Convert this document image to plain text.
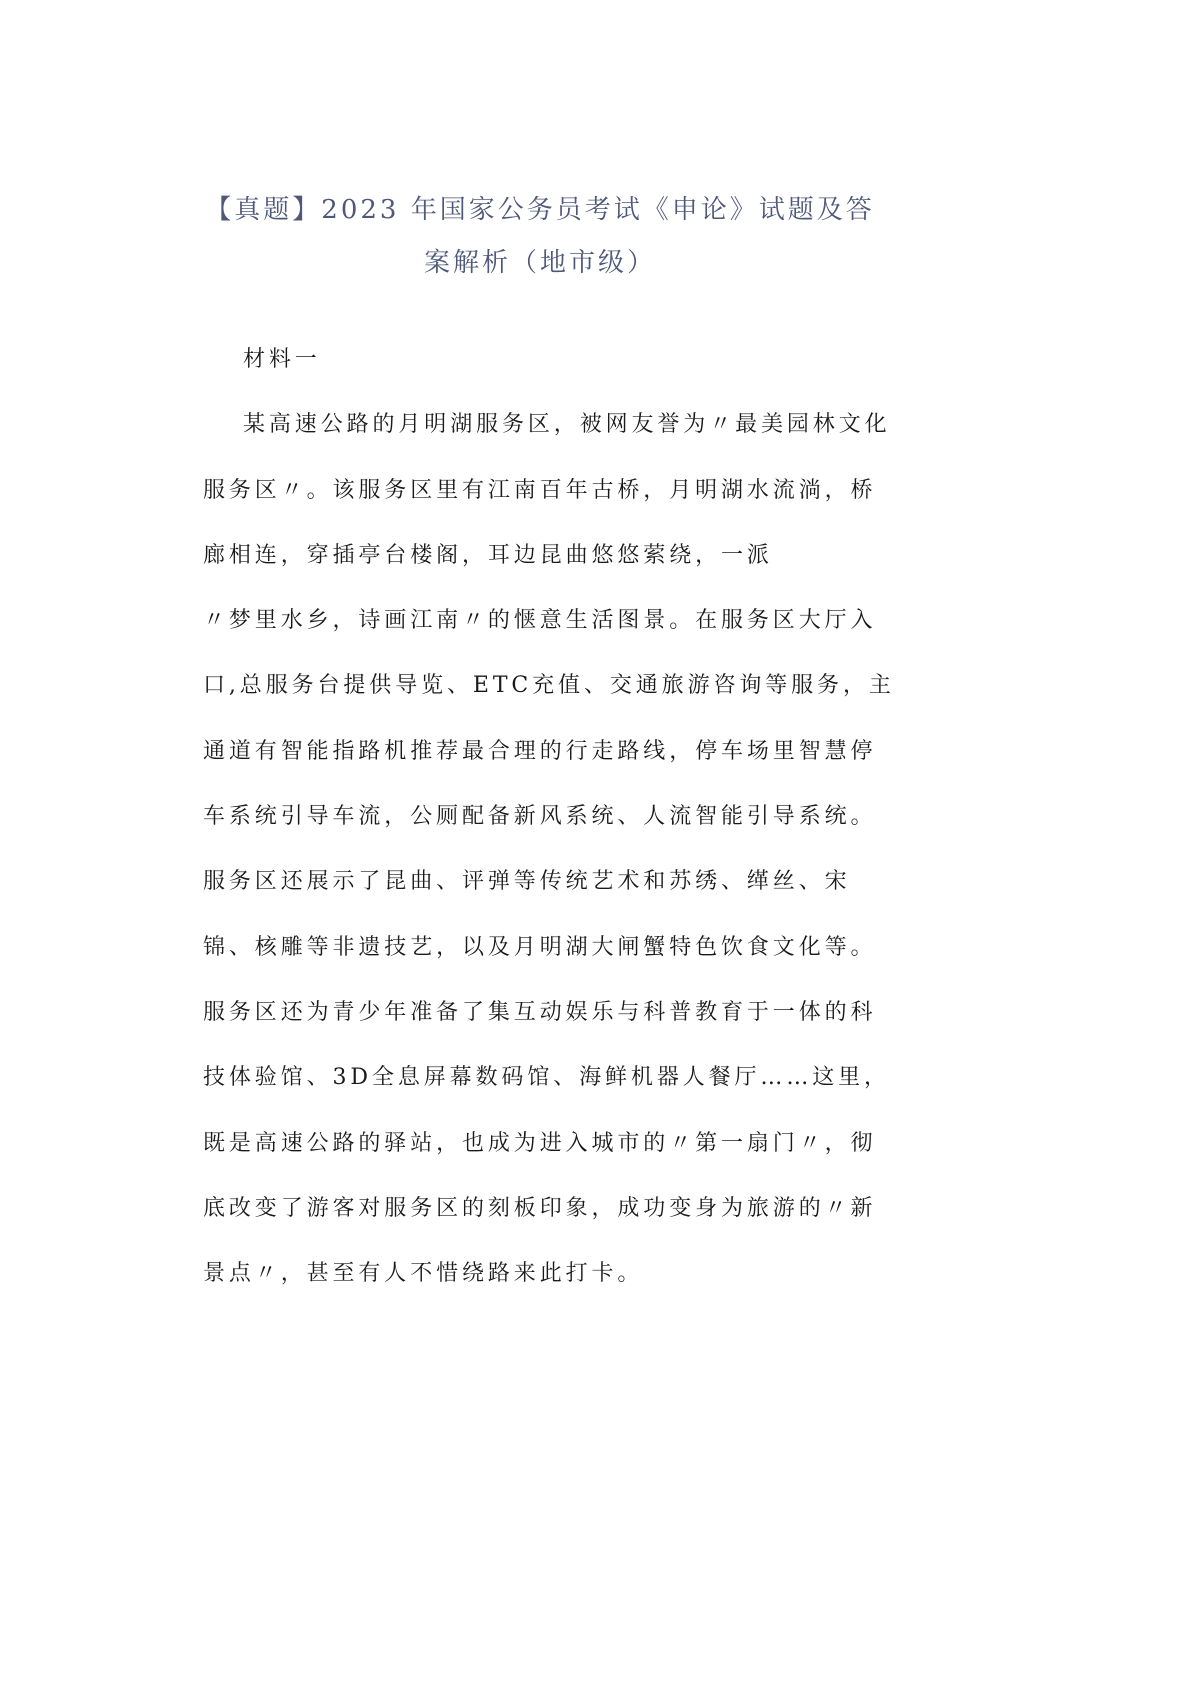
【真题】2023 年国家公务员考试《申论》试题及答
案解析（地市级）
材料一
某高速公路的月明湖服务区，被网友誉为〃最美园林文化
服务区〃。该服务区里有江南百年古桥，月明湖水流淌，桥
廊相连，穿插亭台楼阁，耳边昆曲悠悠萦绕，一派
〃梦里水乡，诗画江南〃的惬意生活图景。在服务区大厅入
口,总服务台提供导览、ETC充值、交通旅游咨询等服务，主
通道有智能指路机推荐最合理的行走路线，停车场里智慧停
车系统引导车流，公厕配备新风系统、人流智能引导系统。
服务区还展示了昆曲、评弹等传统艺术和苏绣、缂丝、宋
锦、核雕等非遗技艺，以及月明湖大闸蟹特色饮食文化等。
服务区还为青少年准备了集互动娱乐与科普教育于一体的科
技体验馆、3D全息屏幕数码馆、海鲜机器人餐厅……这里，
既是高速公路的驿站，也成为进入城市的〃第一扇门〃，彻
底改变了游客对服务区的刻板印象，成功变身为旅游的〃新
景点〃，甚至有人不惜绕路来此打卡。
